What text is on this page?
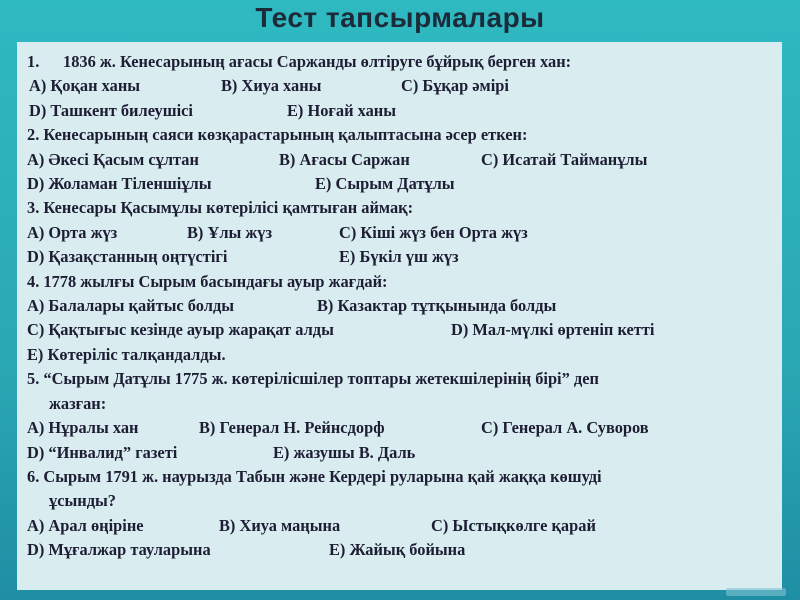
Тест тапсырмалары
1. 1836 ж. Кенесарының ағасы Саржанды өлтіруге бұйрық берген хан:
А) Қоқан ханы	В) Хиуа ханы	С) Бұқар әмірі
D) Ташкент билеушісі	E) Ноғай ханы
2. Кенесарының саяси көзқарастарының қалыптасына әсер еткен:
А) Әкесі Қасым сұлтан	В) Ағасы Саржан	С) Исатай Тайманұлы
D) Жоламан Тіленшіұлы	E) Сырым Датұлы
3. Кенесары Қасымұлы көтерілісі қамтыған аймақ:
А) Орта жүз	В) Ұлы жүз	С) Кіші жүз бен Орта жүз
D) Қазақстанның оңтүстігі	E) Бүкіл үш жүз
4. 1778 жылғы Сырым басындағы ауыр жағдай:
А) Балалары қайтыс болды	В) Казактар тұтқынында болды
С) Қақтығыс кезінде ауыр жарақат алды	D) Мал-мүлкі өртеніп кетті
E) Көтеріліс талқандалды.
5. “Сырым Датұлы 1775 ж. көтерілісшілер топтары жетекшілерінің бірі” деп
жазған:
А) Нұралы хан	В) Генерал Н. Рейнсдорф	С) Генерал А. Суворов
D) “Инвалид” газеті	E) жазушы В. Даль
6. Сырым 1791 ж. наурызда Табын және Кердері руларына қай жаққа көшуді
ұсынды?
А) Арал өңіріне	В) Хиуа маңына	С) Ыстықкөлге қарай
D) Мұғалжар тауларына	E) Жайық бойына
